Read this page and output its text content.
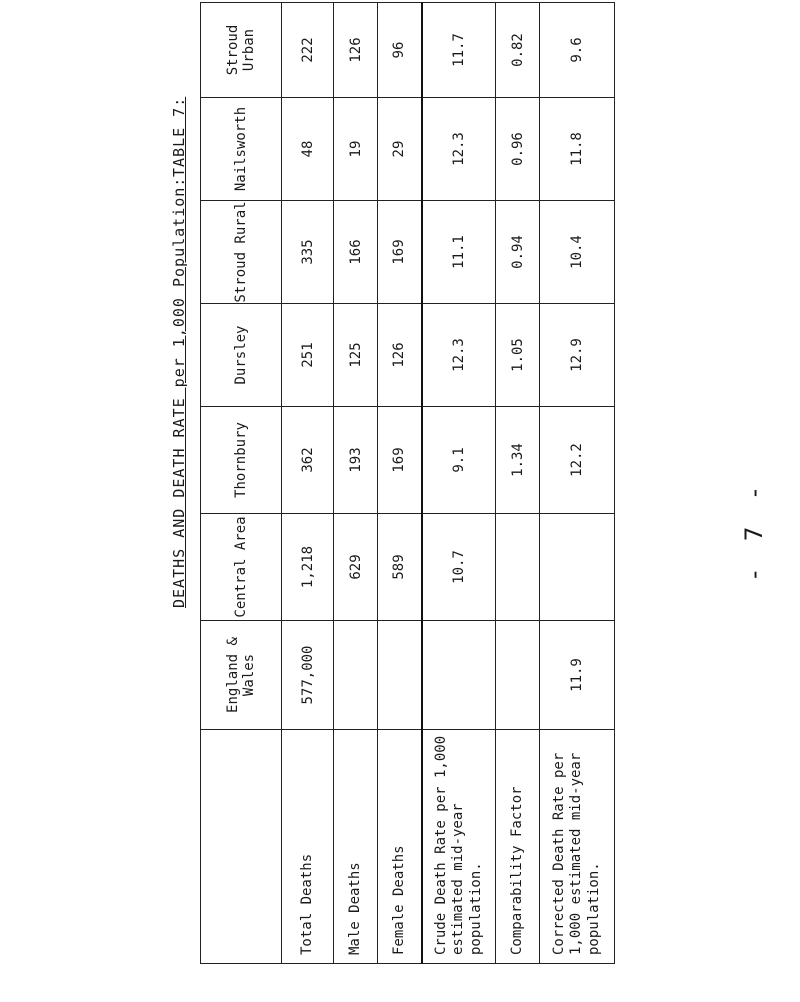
DEATHS AND DEATH RATE per 1,000 Population:
TABLE 7:
	England & Wales	Central Area	Thornbury	Dursley	Stroud Rural	Nailsworth	Stroud Urban
Total Deaths	577,000	1,218	362	251	335	48	222
Male Deaths		629	193	125	166	19	126
Female Deaths		589	169	126	169	29	96
Crude Death Rate per 1,000 estimated mid-year population.		10.7	9.1	12.3	11.1	12.3	11.7
Comparability Factor			1.34	1.05	0.94	0.96	0.82
Corrected Death Rate per 1,000 estimated mid-year population.	11.9		12.2	12.9	10.4	11.8	9.6
- 7 -
